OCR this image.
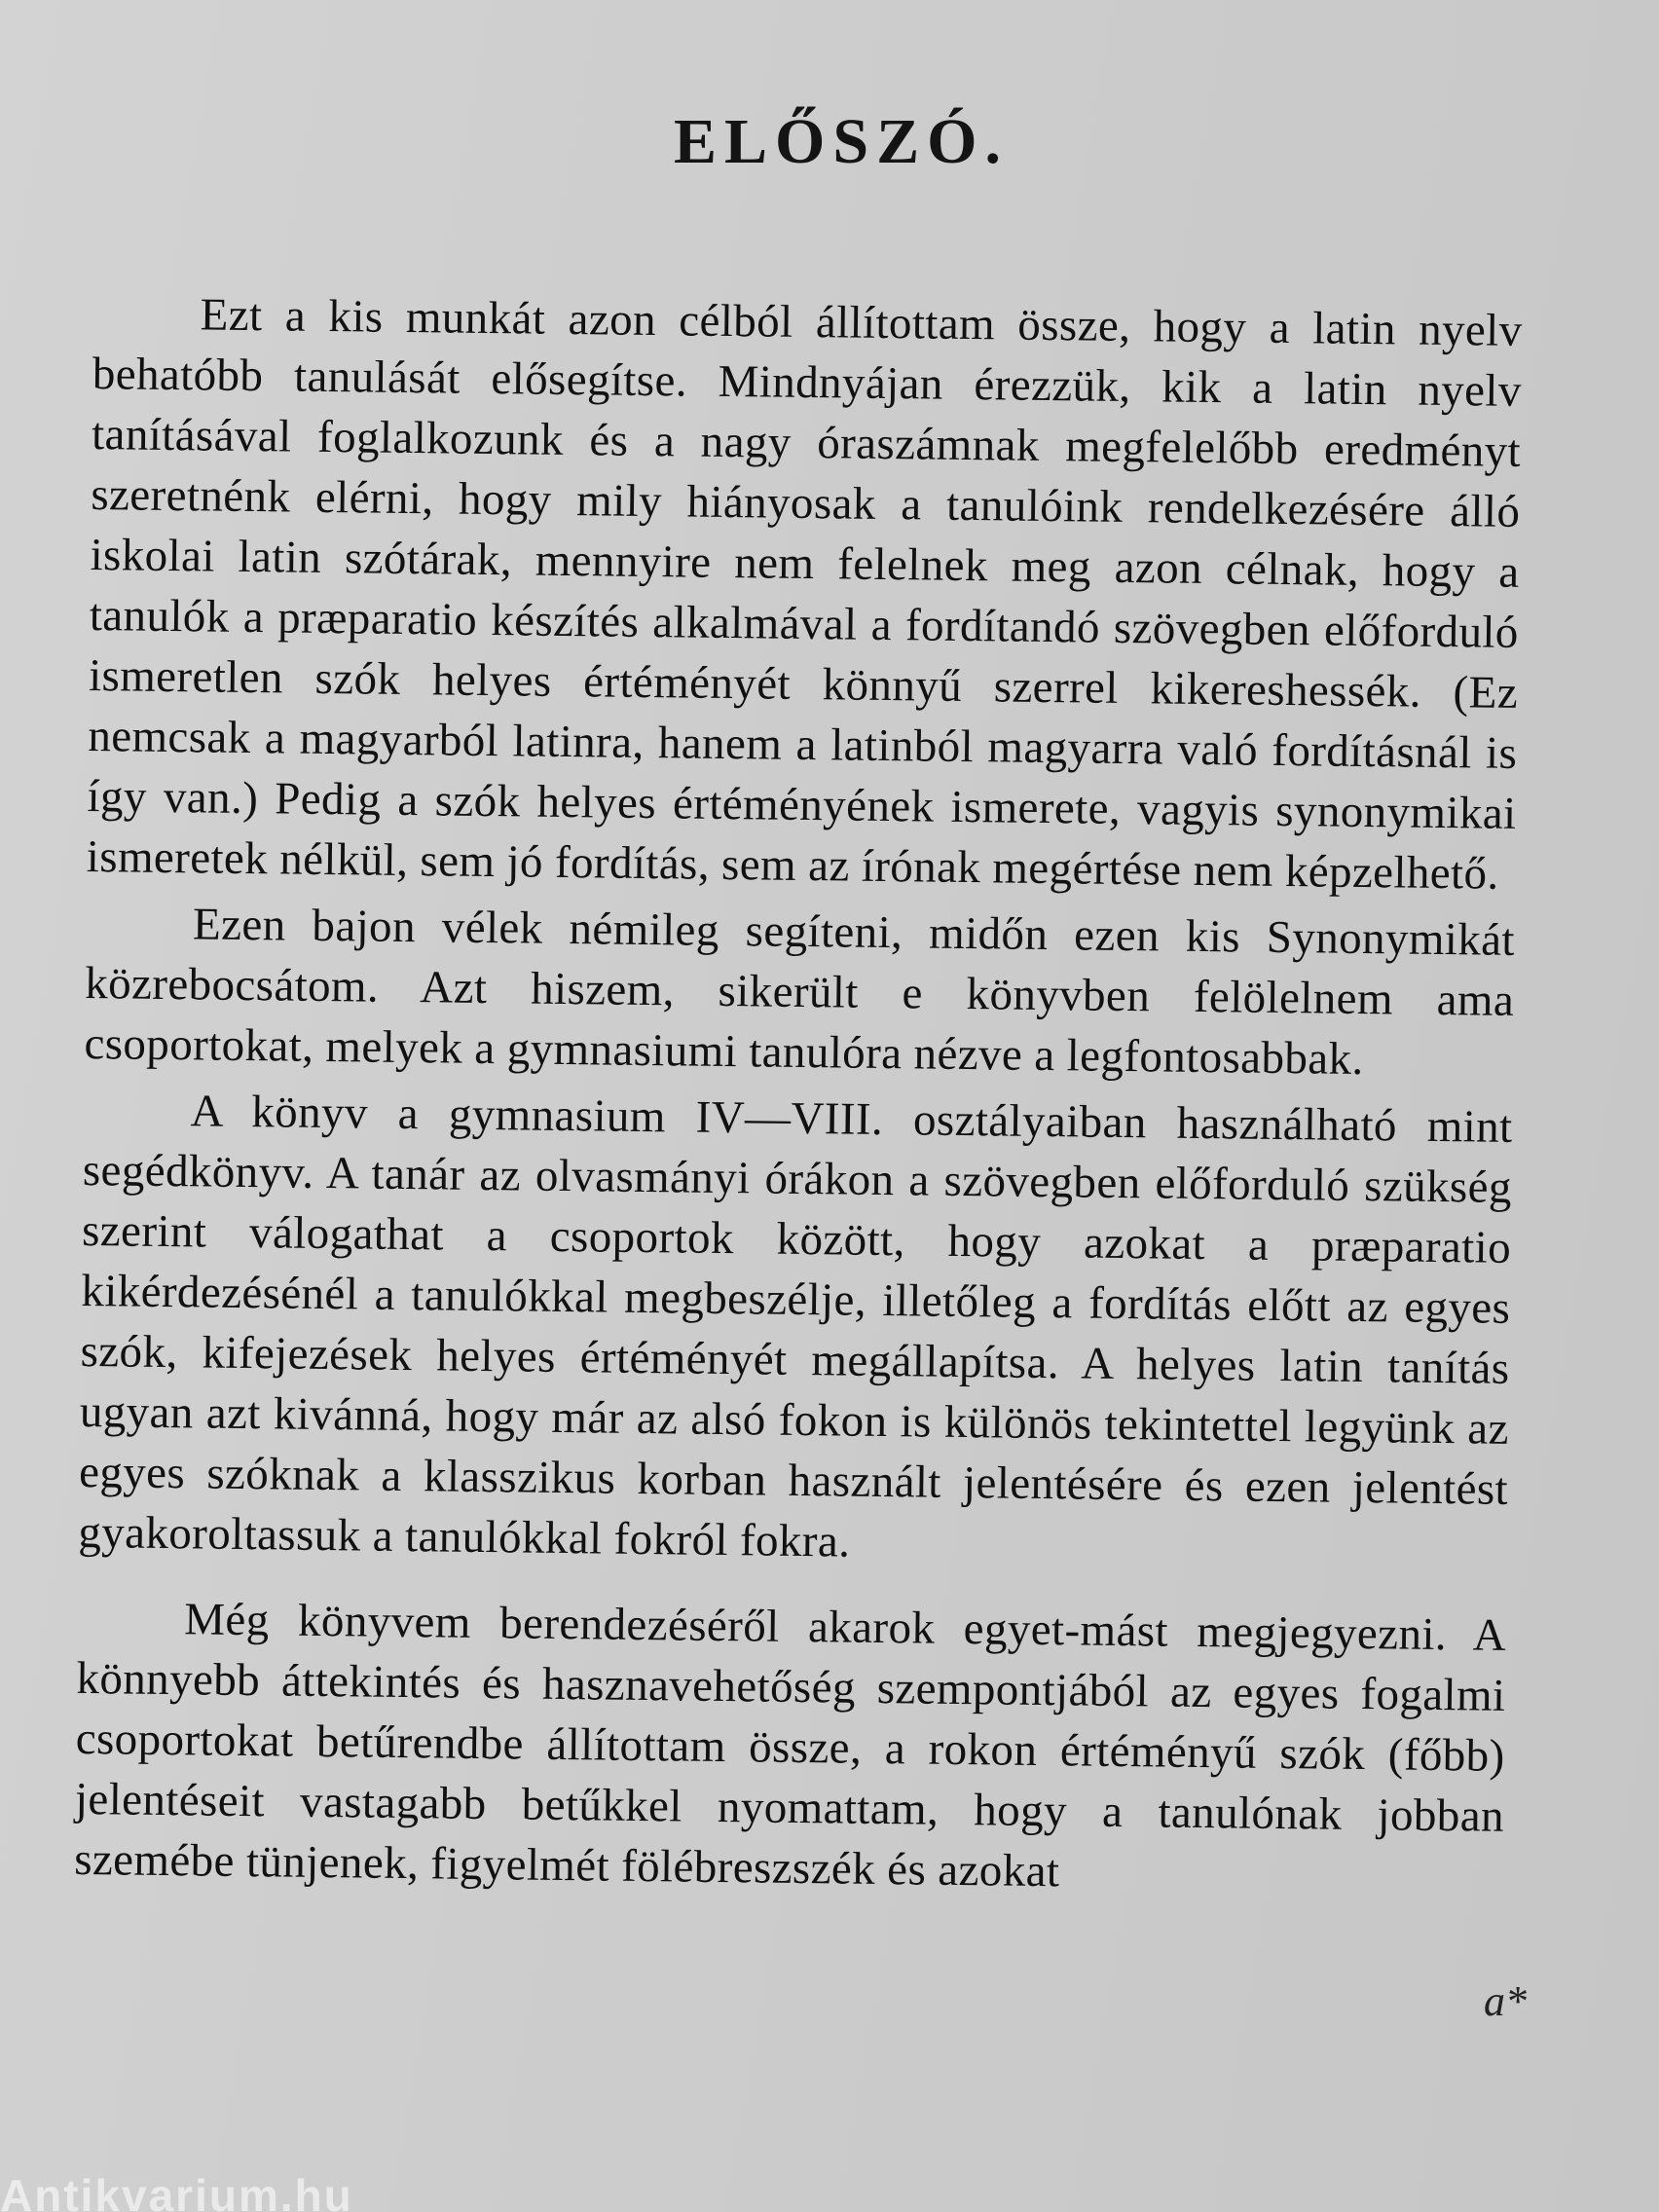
ELŐSZÓ.

Ezt a kis munkát azon célból állítottam össze, hogy a latin nyelv behatóbb tanulását elősegítse. Mindnyájan érezzük, kik a latin nyelv tanításával foglalkozunk és a nagy óraszámnak megfelelőbb eredményt szeretnénk elérni, hogy mily hiányosak a tanulóink rendelkezésére álló iskolai latin szótárak, mennyire nem felelnek meg azon célnak, hogy a tanulók a præparatio készítés alkalmával a fordítandó szövegben előforduló ismeretlen szók helyes értéményét könnyű szerrel kikereshessék. (Ez nemcsak a magyarból latinra, hanem a latinból magyarra való fordításnál is így van.) Pedig a szók helyes értéményének ismerete, vagyis synonymikai ismeretek nélkül, sem jó fordítás, sem az írónak megértése nem képzelhető.

Ezen bajon vélek némileg segíteni, midőn ezen kis Synonymikát közrebocsátom. Azt hiszem, sikerült e könyvben felölelnem ama csoportokat, melyek a gymnasiumi tanulóra nézve a legfontosabbak.

A könyv a gymnasium IV—VIII. osztályaiban használható mint segédkönyv. A tanár az olvasmányi órákon a szövegben előforduló szükség szerint válogathat a csoportok között, hogy azokat a præparatio kikérdezésénél a tanulókkal megbeszélje, illetőleg a fordítás előtt az egyes szók, kifejezések helyes értéményét megállapítsa. A helyes latin tanítás ugyan azt kivánná, hogy már az alsó fokon is különös tekintettel legyünk az egyes szóknak a klasszikus korban használt jelentésére és ezen jelentést gyakoroltassuk a tanulókkal fokról fokra.

Még könyvem berendezéséről akarok egyet-mást megjegyezni. A könnyebb áttekintés és hasznavehetőség szempontjából az egyes fogalmi csoportokat betűrendbe állítottam össze, a rokon értéményű szók (főbb) jelentéseit vastagabb betűkkel nyomattam, hogy a tanulónak jobban szemébe tünjenek, figyelmét fölébreszszék és azokat

a*
Antikvarium.hu
